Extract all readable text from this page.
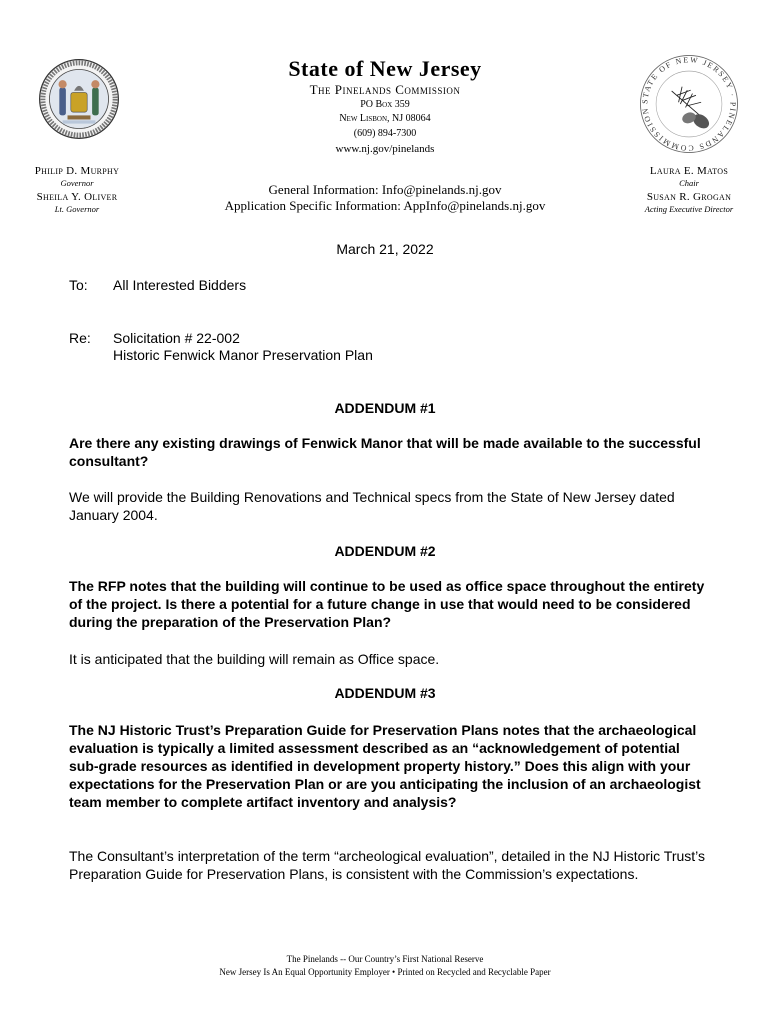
State of New Jersey
The Pinelands Commission
PO Box 359
New Lisbon, NJ 08064
(609) 894-7300
www.nj.gov/pinelands
General Information: Info@pinelands.nj.gov
Application Specific Information: AppInfo@pinelands.nj.gov
Philip D. Murphy
Governor
Sheila Y. Oliver
Lt. Governor
STATE OF NEW JERSEY · PINELANDS COMMISSION
Laura E. Matos
Chair
Susan R. Grogan
Acting Executive Director
March 21, 2022
To: All Interested Bidders
Re: Solicitation # 22-002
Historic Fenwick Manor Preservation Plan
ADDENDUM #1
Are there any existing drawings of Fenwick Manor that will be made available to the successful consultant?
We will provide the Building Renovations and Technical specs from the State of New Jersey dated January 2004.
ADDENDUM #2
The RFP notes that the building will continue to be used as office space throughout the entirety of the project. Is there a potential for a future change in use that would need to be considered during the preparation of the Preservation Plan?
It is anticipated that the building will remain as Office space.
ADDENDUM #3
The NJ Historic Trust’s Preparation Guide for Preservation Plans notes that the archaeological evaluation is typically a limited assessment described as an “acknowledgement of potential sub-grade resources as identified in development property history.” Does this align with your expectations for the Preservation Plan or are you anticipating the inclusion of an archaeologist team member to complete artifact inventory and analysis?
The Consultant’s interpretation of the term “archeological evaluation”, detailed in the NJ Historic Trust’s Preparation Guide for Preservation Plans, is consistent with the Commission’s expectations.
The Pinelands -- Our Country’s First National Reserve
New Jersey Is An Equal Opportunity Employer • Printed on Recycled and Recyclable Paper
